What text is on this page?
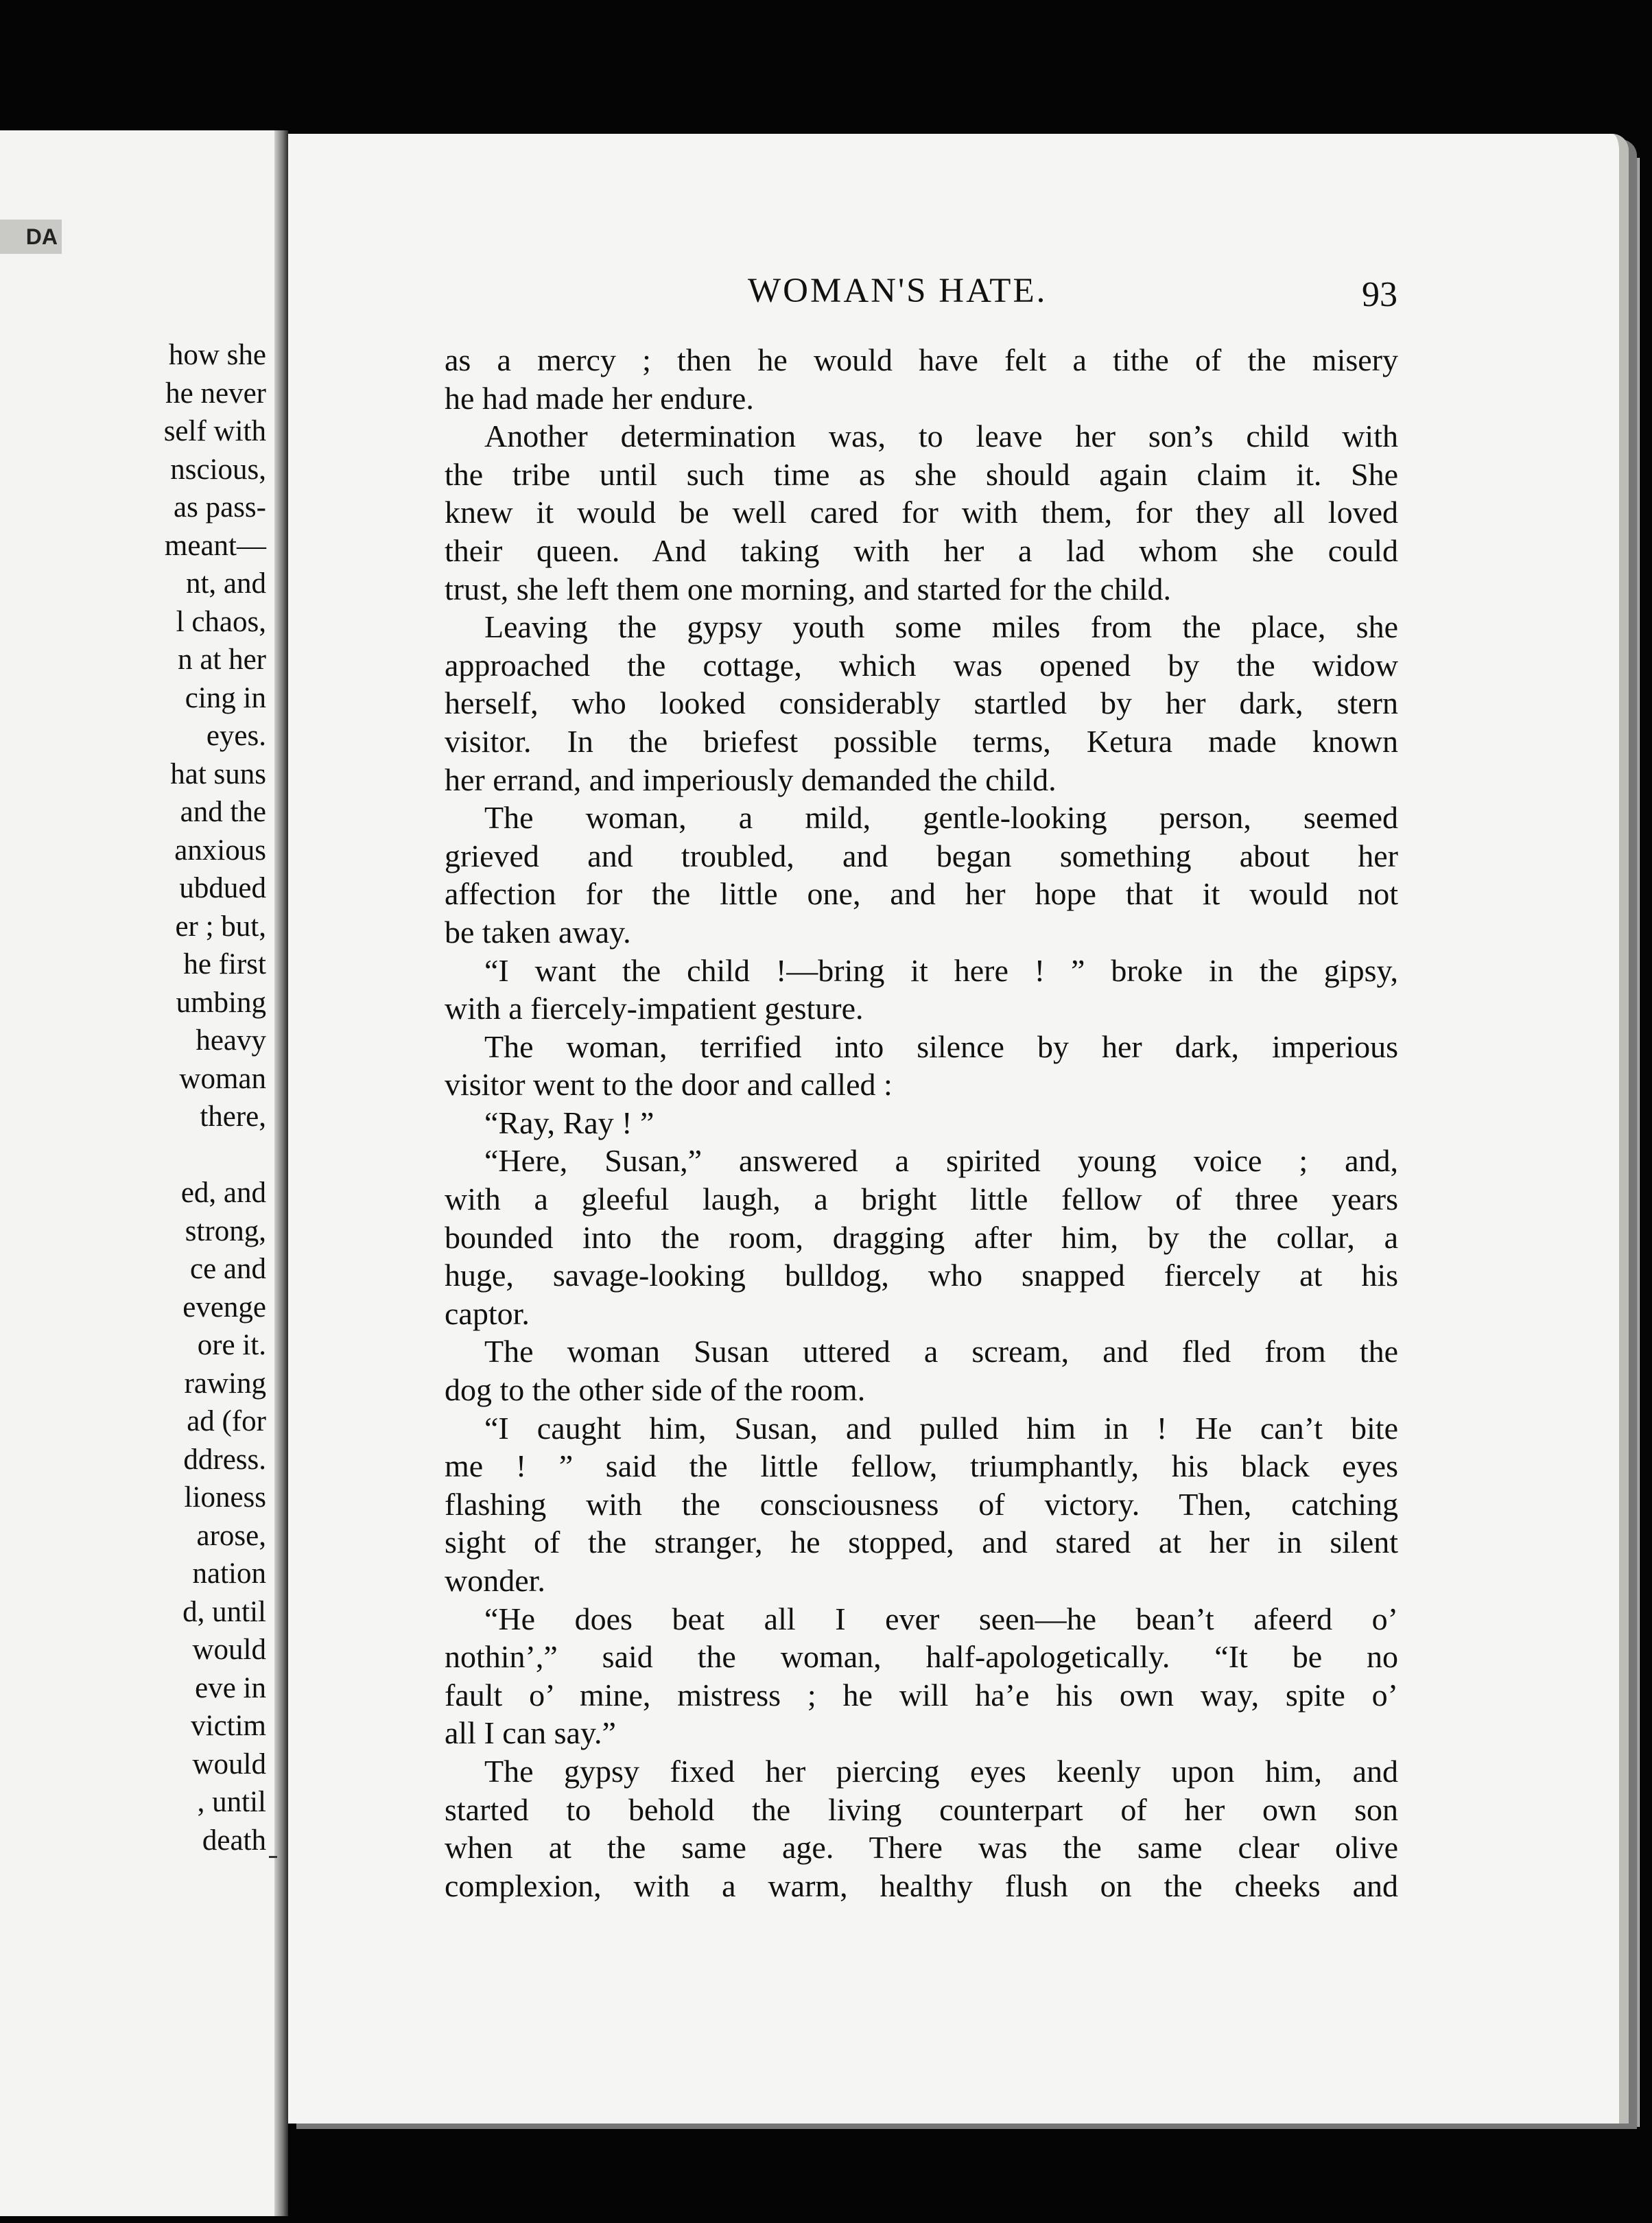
DA
how she
he never
self with
nscious,
as pass-
meant—
nt, and
l chaos,
n at her
cing in
eyes.
hat suns
and the
anxious
ubdued
er ; but,
he first
umbing
heavy
woman
there,
ed, and
strong,
ce and
evenge
ore it.
rawing
ad (for
ddress.
lioness
arose,
nation
d, until
would
eve in
victim
would
, until
death
WOMAN'S HATE.	93
as a mercy ; then he would have felt a tithe of the misery
he had made her endure.
Another determination was, to leave her son’s child with
the tribe until such time as she should again claim it. She
knew it would be well cared for with them, for they all loved
their queen. And taking with her a lad whom she could
trust, she left them one morning, and started for the child.
Leaving the gypsy youth some miles from the place, she
approached the cottage, which was opened by the widow
herself, who looked considerably startled by her dark, stern
visitor. In the briefest possible terms, Ketura made known
her errand, and imperiously demanded the child.
The woman, a mild, gentle-looking person, seemed
grieved and troubled, and began something about her
affection for the little one, and her hope that it would not
be taken away.
“I want the child !—bring it here ! ” broke in the gipsy,
with a fiercely-impatient gesture.
The woman, terrified into silence by her dark, imperious
visitor went to the door and called :
“Ray, Ray ! ”
“Here, Susan,” answered a spirited young voice ; and,
with a gleeful laugh, a bright little fellow of three years
bounded into the room, dragging after him, by the collar, a
huge, savage-looking bulldog, who snapped fiercely at his
captor.
The woman Susan uttered a scream, and fled from the
dog to the other side of the room.
“I caught him, Susan, and pulled him in ! He can’t bite
me ! ” said the little fellow, triumphantly, his black eyes
flashing with the consciousness of victory. Then, catching
sight of the stranger, he stopped, and stared at her in silent
wonder.
“He does beat all I ever seen—he bean’t afeerd o’
nothin’,” said the woman, half-apologetically. “It be no
fault o’ mine, mistress ; he will ha’e his own way, spite o’
all I can say.”
The gypsy fixed her piercing eyes keenly upon him, and
started to behold the living counterpart of her own son
when at the same age. There was the same clear olive
complexion, with a warm, healthy flush on the cheeks and
